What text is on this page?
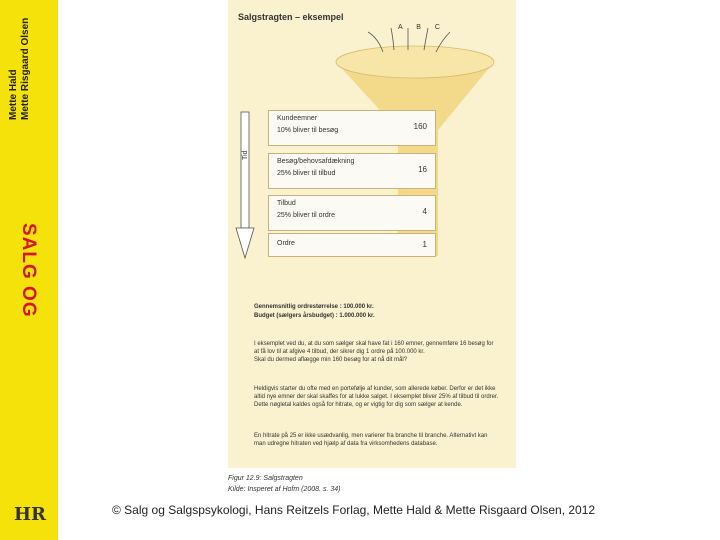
Mette Hald Mette Risgaard Olsen
SALG OG
HR
Salgstragten – eksempel
A B C
Tid
Kundeemner
10% bliver til besøg	160
Besøg/behovsafdækning
25% bliver til tilbud	16
Tilbud
25% bliver til ordre	4
Ordre	1
Gennemsnitlig ordrestørrelse : 100.000 kr.
Budget (sælgers årsbudget) : 1.000.000 kr.
I eksemplet ved du, at du som sælger skal have fat i 160 emner, gennemføre 16 besøg for at få lov til at afgive 4 tilbud, der sikrer dig 1 ordre på 100.000 kr.
Skal du dermed aflægge min 160 besøg for at nå dit mål?
Heldigvis starter du ofte med en portefølje af kunder, som allerede køber. Derfor er det ikke altid nye emner der skal skaffes for at lukke salget. I eksemplet bliver 25% af tilbud til ordrer. Dette nøgletal kaldes også for hitrate, og er vigtig for dig som sælger at kende.
En hitrate på 25 er ikke usædvanlig, men varierer fra branche til branche. Alternativt kan man udregne hitraten ved hjælp af data fra virksomhedens database.
Figur 12.9: Salgstragten
Kilde: Insperet af Hofm (2008. s. 34)
© Salg og Salgspsykologi, Hans Reitzels Forlag, Mette Hald & Mette Risgaard Olsen, 2012
